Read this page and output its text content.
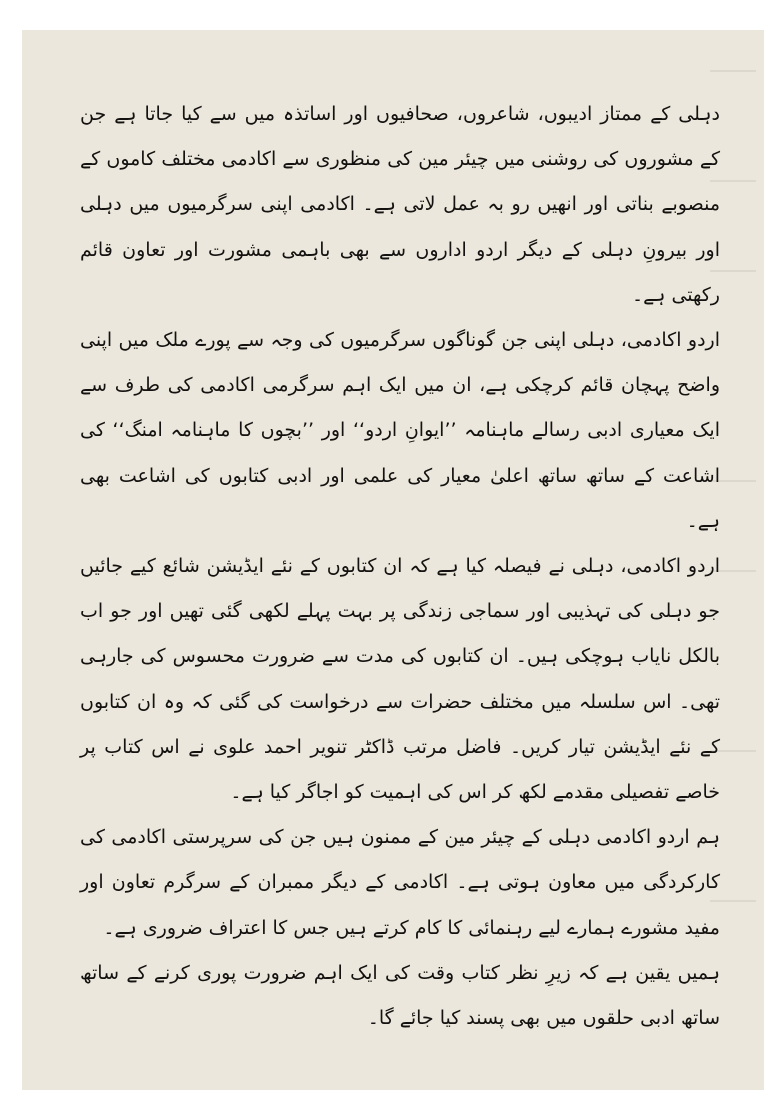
دہلی کے ممتاز ادیبوں، شاعروں، صحافیوں اور اساتذہ میں سے کیا جاتا ہے جن کے مشوروں کی روشنی میں چیئر مین کی منظوری سے اکادمی مختلف کاموں کے منصوبے بناتی اور انھیں رو بہ عمل لاتی ہے۔ اکادمی اپنی سرگرمیوں میں دہلی اور بیرونِ دہلی کے دیگر اردو اداروں سے بھی باہمی مشورت اور تعاون قائم رکھتی ہے۔

اردو اکادمی، دہلی اپنی جن گوناگوں سرگرمیوں کی وجہ سے پورے ملک میں اپنی واضح پہچان قائم کرچکی ہے، ان میں ایک اہم سرگرمی اکادمی کی طرف سے ایک معیاری ادبی رسالے ماہنامہ ’’ایوانِ اردو‘‘ اور ’’بچوں کا ماہنامہ امنگ‘‘ کی اشاعت کے ساتھ ساتھ اعلیٰ معیار کی علمی اور ادبی کتابوں کی اشاعت بھی ہے۔

اردو اکادمی، دہلی نے فیصلہ کیا ہے کہ ان کتابوں کے نئے ایڈیشن شائع کیے جائیں جو دہلی کی تہذیبی اور سماجی زندگی پر بہت پہلے لکھی گئی تھیں اور جو اب بالکل نایاب ہوچکی ہیں۔ ان کتابوں کی مدت سے ضرورت محسوس کی جارہی تھی۔ اس سلسلہ میں مختلف حضرات سے درخواست کی گئی کہ وہ ان کتابوں کے نئے ایڈیشن تیار کریں۔ فاضل مرتب ڈاکٹر تنویر احمد علوی نے اس کتاب پر خاصے تفصیلی مقدمے لکھ کر اس کی اہمیت کو اجاگر کیا ہے۔

ہم اردو اکادمی دہلی کے چیئر مین کے ممنون ہیں جن کی سرپرستی اکادمی کی کارکردگی میں معاون ہوتی ہے۔ اکادمی کے دیگر ممبران کے سرگرم تعاون اور مفید مشورے ہمارے لیے رہنمائی کا کام کرتے ہیں جس کا اعتراف ضروری ہے۔

ہمیں یقین ہے کہ زیرِ نظر کتاب وقت کی ایک اہم ضرورت پوری کرنے کے ساتھ ساتھ ادبی حلقوں میں بھی پسند کیا جائے گا۔
